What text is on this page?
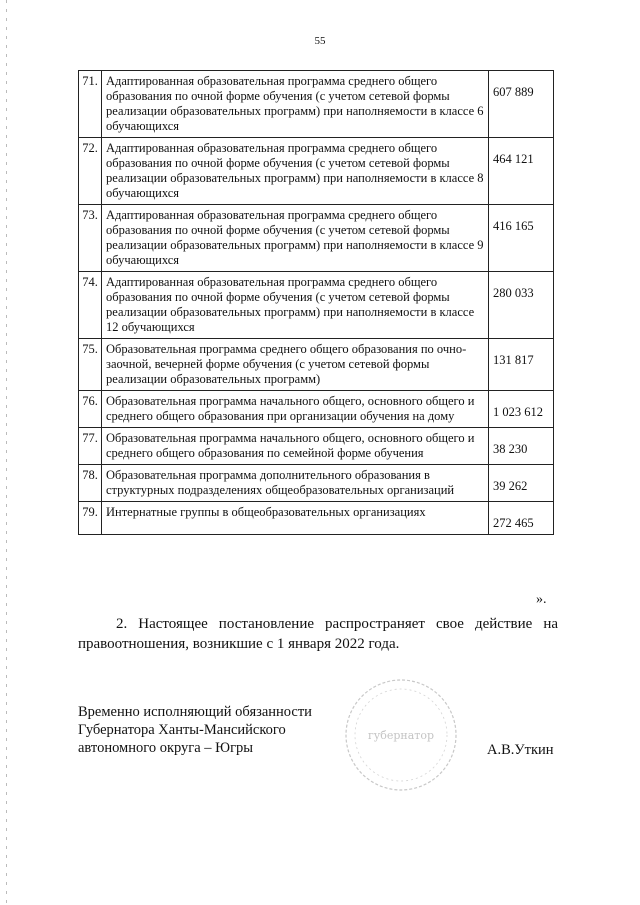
55
71.	Адаптированная образовательная программа среднего общего образования по очной форме обучения (с учетом сетевой формы реализации образовательных программ) при наполняемости в классе 6 обучающихся	607 889
72.	Адаптированная образовательная программа среднего общего образования по очной форме обучения (с учетом сетевой формы реализации образовательных программ) при наполняемости в классе 8 обучающихся	464 121
73.	Адаптированная образовательная программа среднего общего образования по очной форме обучения (с учетом сетевой формы реализации образовательных программ) при наполняемости в классе 9 обучающихся	416 165
74.	Адаптированная образовательная программа среднего общего образования по очной форме обучения (с учетом сетевой формы реализации образовательных программ) при наполняемости в классе 12 обучающихся	280 033
75.	Образовательная программа среднего общего образования по очно-заочной, вечерней форме обучения (с учетом сетевой формы реализации образовательных программ)	131 817
76.	Образовательная программа начального общего, основного общего и среднего общего образования при организации обучения на дому	1 023 612
77.	Образовательная программа начального общего, основного общего и среднего общего образования по семейной форме обучения	38 230
78.	Образовательная программа дополнительного образования в структурных подразделениях общеобразовательных организаций	39 262
79.	Интернатные группы в общеобразовательных организациях	272 465
».
2. Настоящее постановление распространяет свое действие на правоотношения, возникшие с 1 января 2022 года.
Временно исполняющий обязанности
Губернатора Ханты-Мансийского
автономного округа – Югры
губернатор
А.В.Уткин
